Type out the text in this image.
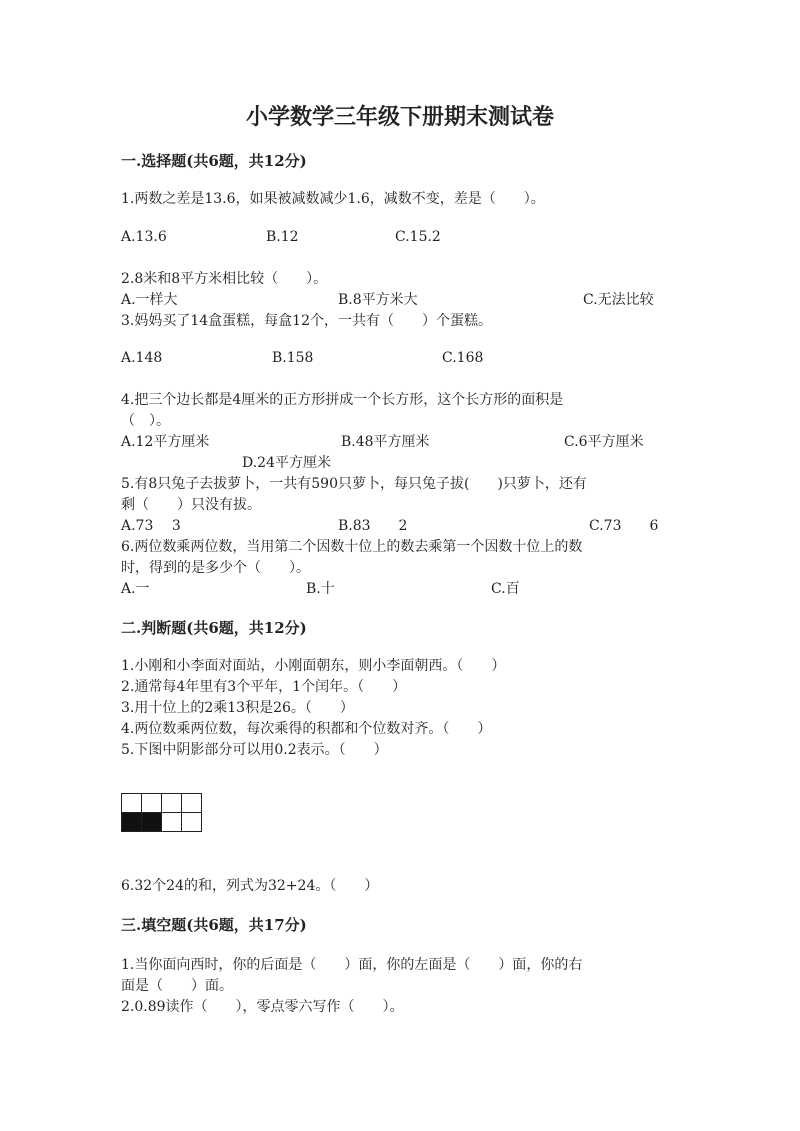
小学数学三年级下册期末测试卷
一.选择题(共6题，共12分)
1.两数之差是13.6，如果被减数减少1.6，减数不变，差是（　　）。
A.13.6	B.12	C.15.2
2.8米和8平方米相比较（　　）。
A.一样大	B.8平方米大	C.无法比较
3.妈妈买了14盒蛋糕，每盒12个，一共有（　　）个蛋糕。
A.148	B.158	C.168
4.把三个边长都是4厘米的正方形拼成一个长方形，这个长方形的面积是
（　）。
A.12平方厘米	B.48平方厘米	C.6平方厘米
D.24平方厘米
5.有8只兔子去拔萝卜，一共有590只萝卜，每只兔子拔(　　)只萝卜，还有
剩（　　）只没有拔。
A.73　 3	B.83　　2	C.73　　6
6.两位数乘两位数，当用第二个因数十位上的数去乘第一个因数十位上的数
时，得到的是多少个（　　）。
A.一	B.十	C.百
二.判断题(共6题，共12分)
1.小刚和小李面对面站，小刚面朝东，则小李面朝西。（　　）
2.通常每4年里有3个平年，1个闰年。（　　）
3.用十位上的2乘13积是26。（　　）
4.两位数乘两位数，每次乘得的积都和个位数对齐。（　　）
5.下图中阴影部分可以用0.2表示。（　　）

6.32个24的和，列式为32+24。（　　）
三.填空题(共6题，共17分)
1.当你面向西时，你的后面是（　　）面，你的左面是（　　）面，你的右
面是（　　）面。
2.0.89读作（　　），零点零六写作（　　）。
